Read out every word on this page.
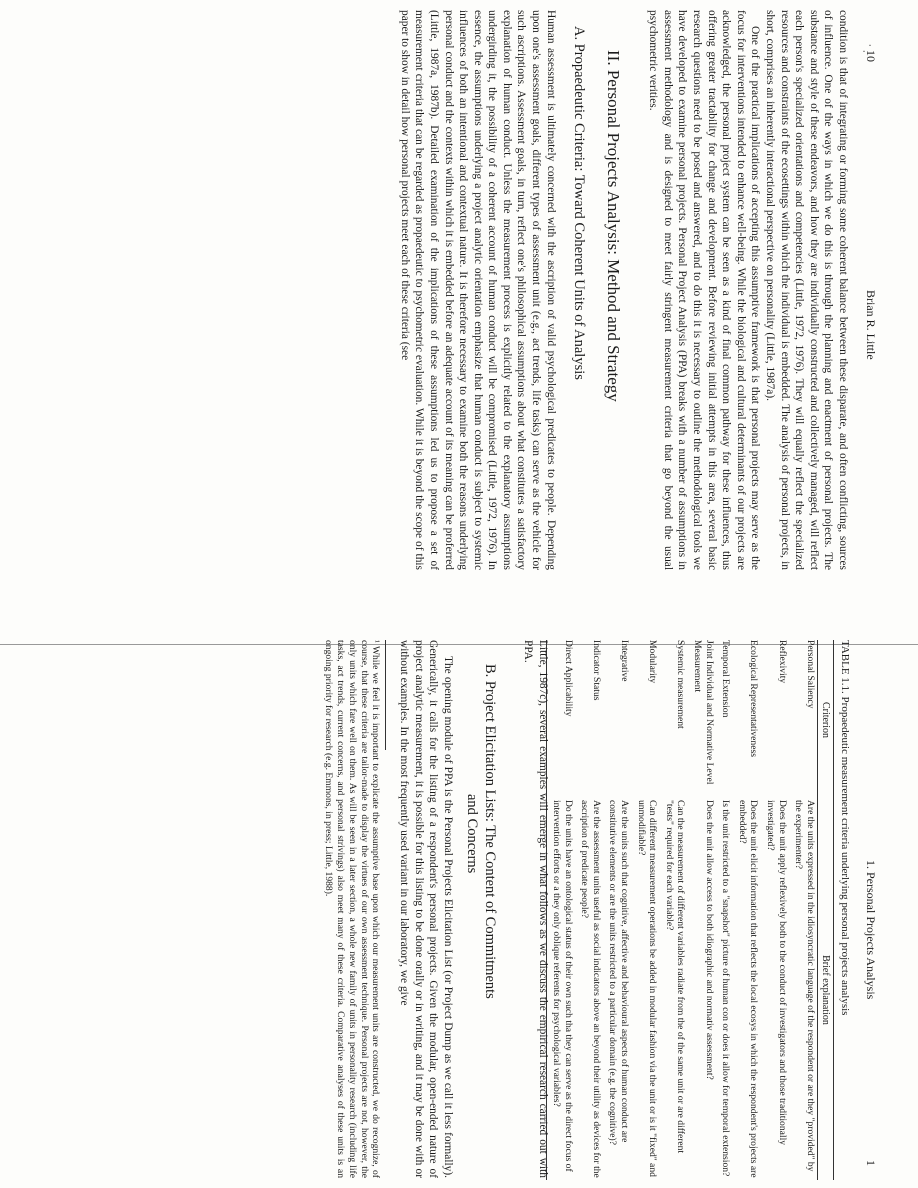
·
·
10
Brian R. Little

condition is that of integrating or forming some coherent balance between these disparate, and often conflicting, sources of influence. One of the ways in which we do this is through the planning and enactment of personal projects. The substance and style of these endeavors, and how they are individually constructed and collectively managed, will reflect each person's specialized orientations and competencies (Little, 1972, 1976). They will equally reflect the specialized resources and constraints of the ecosettings within which the individual is embedded. The analysis of personal projects, in short, comprises an inherently interactional perspective on personality (Little, 1987a).

One of the practical implications of accepting this assumptive framework is that personal projects may serve as the focus for interventions intended to enhance well-being. While the biological and cultural determinants of our projects are acknowledged, the personal project system can be seen as a kind of final common pathway for these influences, thus offering greater tractability for change and development. Before reviewing initial attempts in this area, several basic research questions need to be posed and answered, and to do this it is necessary to outline the methodological tools we have developed to examine personal projects. Personal Project Analysis (PPA) breaks with a number of assumptions in assessment methodology and is designed to meet fairly stringent measurement criteria that go beyond the usual psychometric verities.

II. Personal Projects Analysis: Method and Strategy
A. Propaedeutic Criteria: Toward Coherent Units of Analysis

Human assessment is ultimately concerned with the ascription of valid psychological predicates to people. Depending upon one's assessment goals, different types of assessment unit (e.g., act trends, life tasks) can serve as the vehicle for such ascriptions. Assessment goals, in turn, reflect one's philosophical assumptions about what constitutes a satisfactory explanation of human conduct. Unless the measurement process is explicitly related to the explanatory assumptions undergirding it, the possibility of a coherent account of human conduct will be compromised (Little, 1972, 1976). In essence, the assumptions underlying a project analytic orientation emphasize that human conduct is subject to systemic influences of both an intentional and contextual nature. It is therefore necessary to examine both the reasons underlying personal conduct and the contexts within which it is embedded before an adequate account of its meaning can be proferred (Little, 1987a, 1987b). Detailed examination of the implications of these assumptions led us to propose a set of measurement criteria that can be regarded as propaedeutic to psychometric evaluation. While it is beyond the scope of this paper to show in detail how personal projects meet each of these criteria (see

1. Personal Projects Analysis
1
TABLE 1.1. Propaedeutic measurement criteria underlying personal projects analysis
Criterion	Brief explanation
Personal Saliency	Are the units expressed in the idiosyncratic language of the respondent or are they "provided" by the experimenter?
Reflexivity	Does the unit apply reflexively both to the conduct of investigators and those traditionally investigated?
Ecological Representativeness	Does the unit elicit information that reflects the local ecosys in which the respondent's projects are embedded?
Temporal Extension	Is the unit restricted to a "snapshot" picture of human con or does it allow for temporal extension?
Joint Individual and Normative Level Measurement	Does the unit allow access to both idiographic and normativ assessment?
Systemic measurement	Can the measurement of different variables radiate from the of the same unit or are different "tests" required for each variable?
Modularity	Can different measurement operations be added in modular fashion via the unit or is it "fixed" and unmodifiable?
Integrative	Are the units such that cognitive, affective and behavioural aspects of human conduct are constitutive elements or are the units restricted to a particular domain (e.g. the cognitive)?
Indicator Status	Are the assessment units useful as social indicators above an beyond their utility as devices for the ascription of predicate people?
Direct Applicability	Do the units have an ontological status of their own such tha they can serve as the direct focus of intervention efforts or a they only oblique referents for psychological variables?

Little, 1987c), several examples will emerge in what follows as we discuss the empirical research carried out with PPA.

B. Project Elicitation Lists: The Content of Commitments
and Concerns

The opening module of PPA is the Personal Projects Elicitation List (or Project Dump as we call it less formally). Generically, it calls for the listing of a respondent's personal projects. Given the modular, open-ended nature of project analytic measurement, it is possible for this listing to be done orally or in writing, and it may be done with or without examples. In the most frequently used variant in our laboratory, we give

¹ While we feel it is important to explicate the assumptive base upon which our measurement units are constructed, we do recognize, of course, that these criteria are tailor-made to display the virtues of our own assessment technique. Personal projects are not, however, the only units which fare well on them. As will be seen in a later section, a whole new family of units in personality research (including life tasks, act trends, current concerns, and personal strivings) also meet many of these criteria. Comparative analyses of these units is an ongoing priority for research (e.g. Emmons, in press; Little, 1988).
